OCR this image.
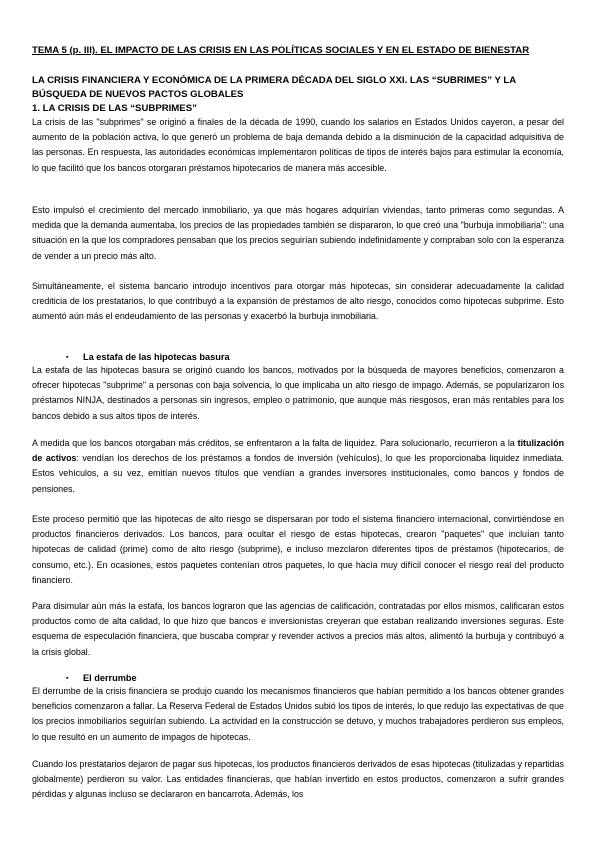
TEMA 5 (p. III). EL IMPACTO DE LAS CRISIS EN LAS POLÍTICAS SOCIALES Y EN EL ESTADO DE BIENESTAR

LA CRISIS FINANCIERA Y ECONÓMICA DE LA PRIMERA DÉCADA DEL SIGLO XXI. LAS “SUBRIMES” Y LA BÚSQUEDA DE NUEVOS PACTOS GLOBALES

1. LA CRISIS DE LAS “SUBPRIMES”

La crisis de las "subprimes" se originó a finales de la década de 1990, cuando los salarios en Estados Unidos cayeron, a pesar del aumento de la población activa, lo que generó un problema de baja demanda debido a la disminución de la capacidad adquisitiva de las personas. En respuesta, las autoridades económicas implementaron políticas de tipos de interés bajos para estimular la economía, lo que facilitó que los bancos otorgaran préstamos hipotecarios de manera más accesible.

Esto impulsó el crecimiento del mercado inmobiliario, ya que más hogares adquirían viviendas, tanto primeras como segundas. A medida que la demanda aumentaba, los precios de las propiedades también se dispararon, lo que creó una "burbuja inmobiliaria": una situación en la que los compradores pensaban que los precios seguirían subiendo indefinidamente y compraban solo con la esperanza de vender a un precio más alto.

Simultáneamente, el sistema bancario introdujo incentivos para otorgar más hipotecas, sin considerar adecuadamente la calidad crediticia de los prestatarios, lo que contribuyó a la expansión de préstamos de alto riesgo, conocidos como hipotecas subprime. Esto aumentó aún más el endeudamiento de las personas y exacerbó la burbuja inmobiliaria.

▪ La estafa de las hipotecas basura

La estafa de las hipotecas basura se originó cuando los bancos, motivados por la búsqueda de mayores beneficios, comenzaron a ofrecer hipotecas "subprime" a personas con baja solvencia, lo que implicaba un alto riesgo de impago. Además, se popularizaron los préstamos NINJA, destinados a personas sin ingresos, empleo o patrimonio, que aunque más riesgosos, eran más rentables para los bancos debido a sus altos tipos de interés.

A medida que los bancos otorgaban más créditos, se enfrentaron a la falta de liquidez. Para solucionarlo, recurrieron a la titulización de activos: vendían los derechos de los préstamos a fondos de inversión (vehículos), lo que les proporcionaba liquidez inmediata. Estos vehículos, a su vez, emitían nuevos títulos que vendían a grandes inversores institucionales, como bancos y fondos de pensiones.

Este proceso permitió que las hipotecas de alto riesgo se dispersaran por todo el sistema financiero internacional, convirtiéndose en productos financieros derivados. Los bancos, para ocultar el riesgo de estas hipotecas, crearon "paquetes" que incluían tanto hipotecas de calidad (prime) como de alto riesgo (subprime), e incluso mezclaron diferentes tipos de préstamos (hipotecarios, de consumo, etc.). En ocasiones, estos paquetes contenían otros paquetes, lo que hacía muy difícil conocer el riesgo real del producto financiero.

Para disimular aún más la estafa, los bancos lograron que las agencias de calificación, contratadas por ellos mismos, calificaran estos productos como de alta calidad, lo que hizo que bancos e inversionistas creyeran que estaban realizando inversiones seguras. Este esquema de especulación financiera, que buscaba comprar y revender activos a precios más altos, alimentó la burbuja y contribuyó a la crisis global.

▪ El derrumbe

El derrumbe de la crisis financiera se produjo cuando los mecanismos financieros que habían permitido a los bancos obtener grandes beneficios comenzaron a fallar. La Reserva Federal de Estados Unidos subió los tipos de interés, lo que redujo las expectativas de que los precios inmobiliarios seguirían subiendo. La actividad en la construcción se detuvo, y muchos trabajadores perdieron sus empleos, lo que resultó en un aumento de impagos de hipotecas.

Cuando los prestatarios dejaron de pagar sus hipotecas, los productos financieros derivados de esas hipotecas (titulizadas y repartidas globalmente) perdieron su valor. Las entidades financieras, que habían invertido en estos productos, comenzaron a sufrir grandes pérdidas y algunas incluso se declararon en bancarrota. Además, los
